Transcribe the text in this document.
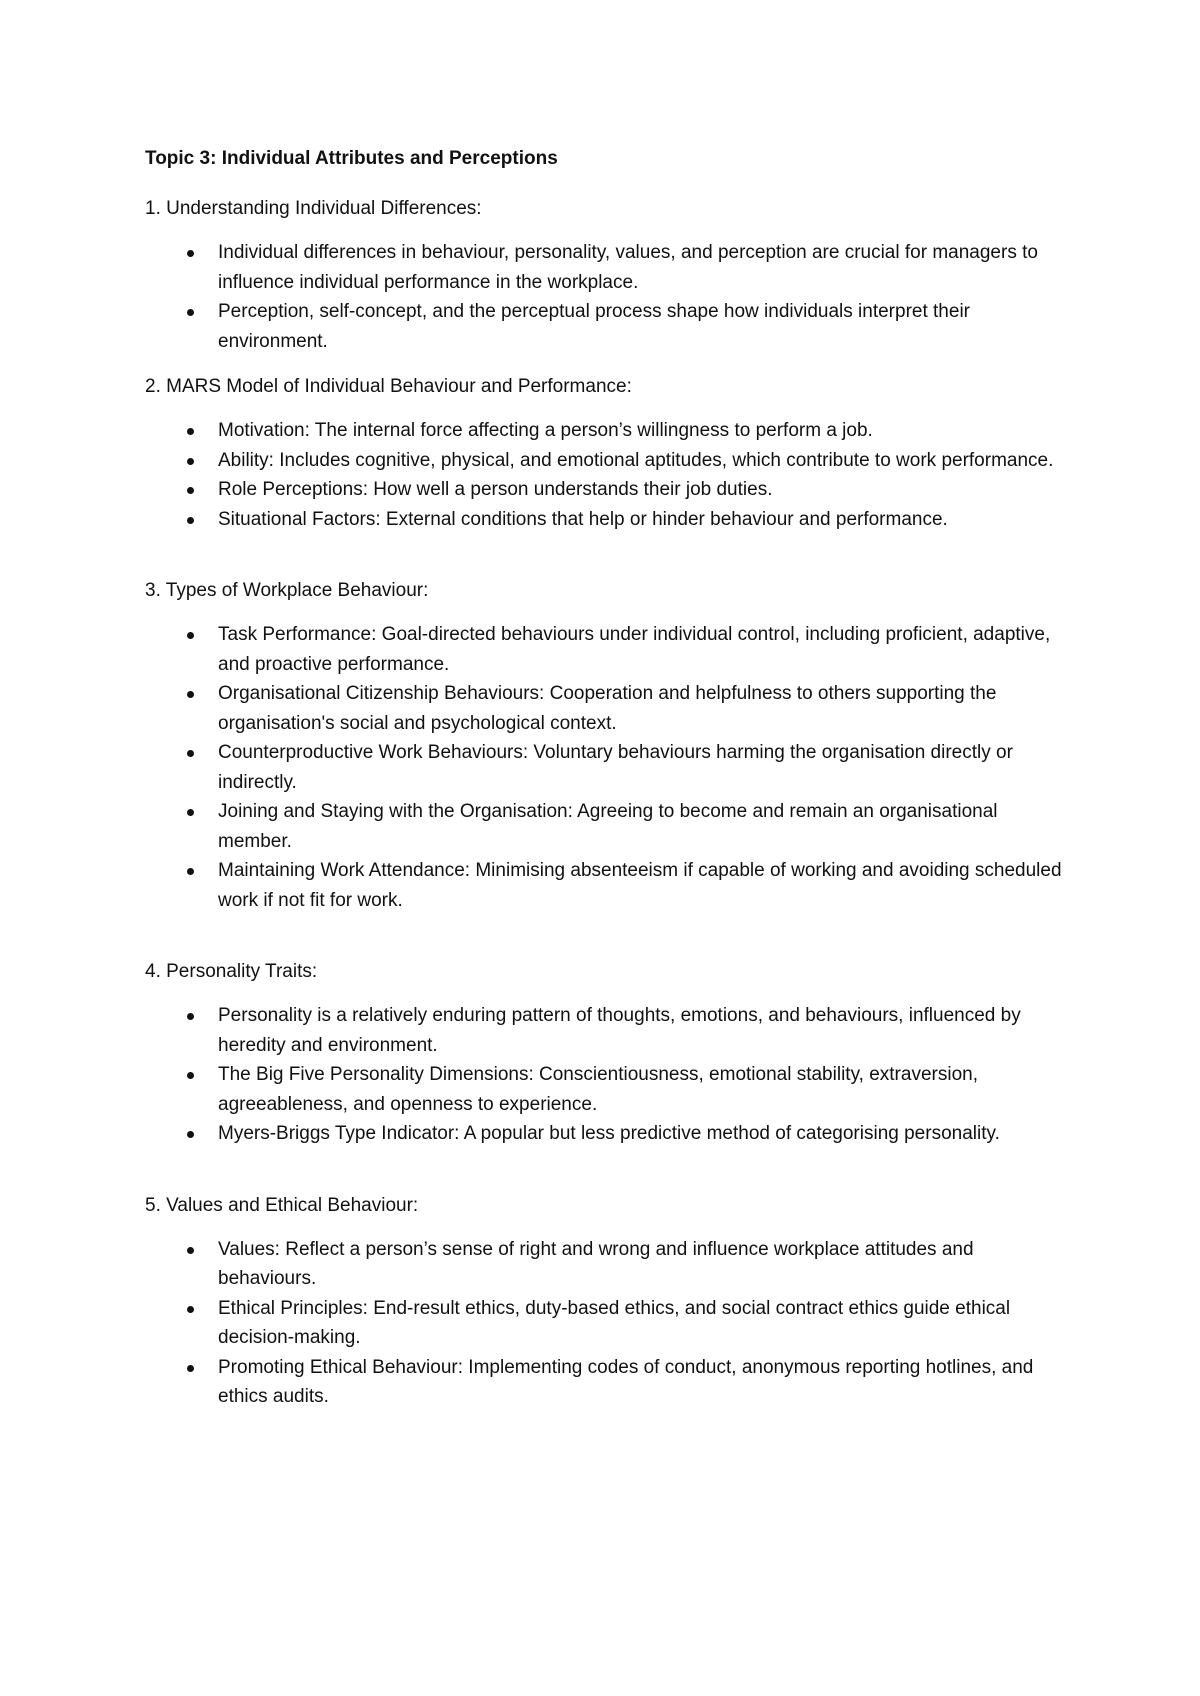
Topic 3: Individual Attributes and Perceptions
1. Understanding Individual Differences:
Individual differences in behaviour, personality, values, and perception are crucial for managers to influence individual performance in the workplace.
Perception, self-concept, and the perceptual process shape how individuals interpret their environment.
2. MARS Model of Individual Behaviour and Performance:
Motivation: The internal force affecting a person’s willingness to perform a job.
Ability: Includes cognitive, physical, and emotional aptitudes, which contribute to work performance.
Role Perceptions: How well a person understands their job duties.
Situational Factors: External conditions that help or hinder behaviour and performance.
3. Types of Workplace Behaviour:
Task Performance: Goal-directed behaviours under individual control, including proficient, adaptive, and proactive performance.
Organisational Citizenship Behaviours: Cooperation and helpfulness to others supporting the organisation's social and psychological context.
Counterproductive Work Behaviours: Voluntary behaviours harming the organisation directly or indirectly.
Joining and Staying with the Organisation: Agreeing to become and remain an organisational member.
Maintaining Work Attendance: Minimising absenteeism if capable of working and avoiding scheduled work if not fit for work.
4. Personality Traits:
Personality is a relatively enduring pattern of thoughts, emotions, and behaviours, influenced by heredity and environment.
The Big Five Personality Dimensions: Conscientiousness, emotional stability, extraversion, agreeableness, and openness to experience.
Myers-Briggs Type Indicator: A popular but less predictive method of categorising personality.
5. Values and Ethical Behaviour:
Values: Reflect a person’s sense of right and wrong and influence workplace attitudes and behaviours.
Ethical Principles: End-result ethics, duty-based ethics, and social contract ethics guide ethical decision-making.
Promoting Ethical Behaviour: Implementing codes of conduct, anonymous reporting hotlines, and ethics audits.
